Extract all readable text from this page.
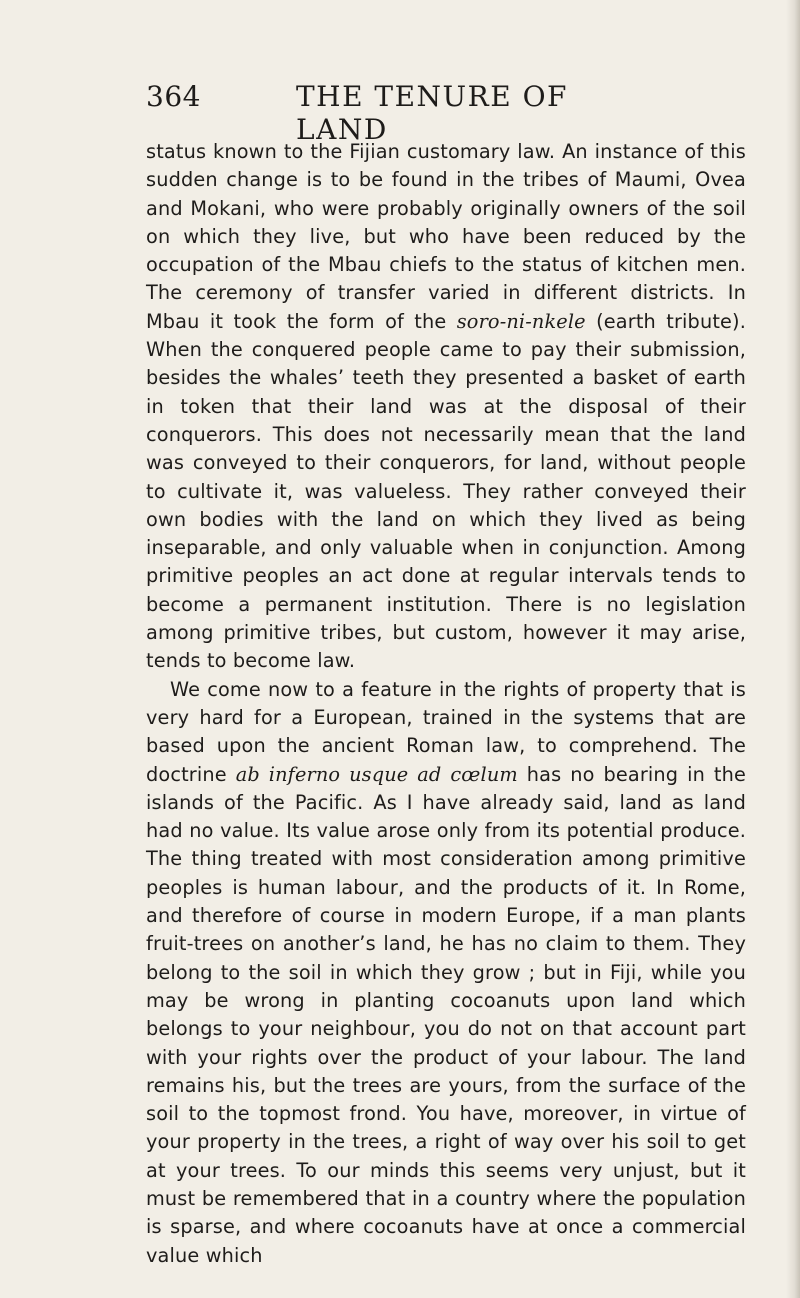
364	THE TENURE OF LAND

status known to the Fijian customary law. An instance of this sudden change is to be found in the tribes of Maumi, Ovea and Mokani, who were probably originally owners of the soil on which they live, but who have been reduced by the occupation of the Mbau chiefs to the status of kitchen men. The ceremony of transfer varied in different districts. In Mbau it took the form of the soro-ni-nkele (earth tribute). When the conquered people came to pay their submission, besides the whales’ teeth they presented a basket of earth in token that their land was at the disposal of their conquerors. This does not necessarily mean that the land was conveyed to their conquerors, for land, without people to cultivate it, was valueless. They rather conveyed their own bodies with the land on which they lived as being inseparable, and only valuable when in conjunction. Among primitive peoples an act done at regular intervals tends to become a permanent institution. There is no legislation among primitive tribes, but custom, however it may arise, tends to become law.

We come now to a feature in the rights of property that is very hard for a European, trained in the systems that are based upon the ancient Roman law, to comprehend. The doctrine ab inferno usque ad cœlum has no bearing in the islands of the Pacific. As I have already said, land as land had no value. Its value arose only from its potential produce. The thing treated with most consideration among primitive peoples is human labour, and the products of it. In Rome, and therefore of course in modern Europe, if a man plants fruit-trees on another’s land, he has no claim to them. They belong to the soil in which they grow ; but in Fiji, while you may be wrong in planting cocoanuts upon land which belongs to your neighbour, you do not on that account part with your rights over the product of your labour. The land remains his, but the trees are yours, from the surface of the soil to the topmost frond. You have, moreover, in virtue of your property in the trees, a right of way over his soil to get at your trees. To our minds this seems very unjust, but it must be remembered that in a country where the population is sparse, and where cocoanuts have at once a commercial value which
